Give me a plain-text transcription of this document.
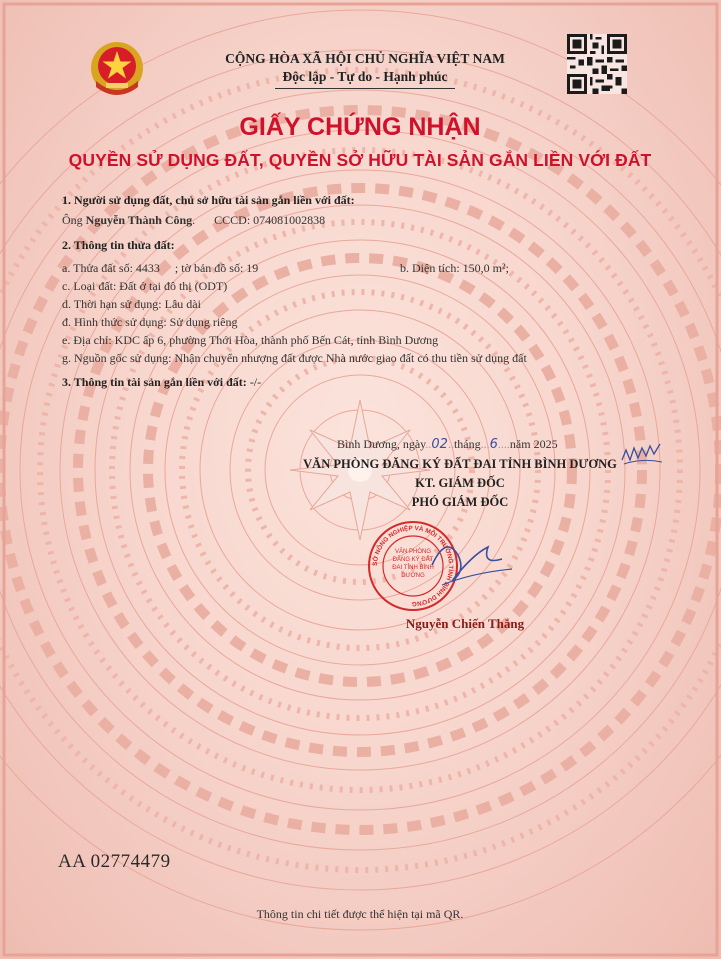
CỘNG HÒA XÃ HỘI CHỦ NGHĨA VIỆT NAM
Độc lập - Tự do - Hạnh phúc
GIẤY CHỨNG NHẬN
QUYỀN SỬ DỤNG ĐẤT, QUYỀN SỞ HỮU TÀI SẢN GẮN LIỀN VỚI ĐẤT
1. Người sử dụng đất, chủ sở hữu tài sản gắn liền với đất:
Ông Nguyễn Thành Công. CCCD: 074081002838
2. Thông tin thửa đất:
a. Thửa đất số: 4433     ; tờ bản đồ số: 19	b. Diện tích: 150,0 m²;
c. Loại đất: Đất ở tại đô thị (ODT)
d. Thời hạn sử dụng: Lâu dài
đ. Hình thức sử dụng: Sử dụng riêng
e. Địa chỉ: KDC ấp 6, phường Thới Hòa, thành phố Bến Cát, tỉnh Bình Dương
g. Nguồn gốc sử dụng: Nhận chuyển nhượng đất được Nhà nước giao đất có thu tiền sử dụng đất
3. Thông tin tài sản gắn liền với đất: -/-
Bình Dương, ngày..02..tháng...6....năm 2025
VĂN PHÒNG ĐĂNG KÝ ĐẤT ĐAI TỈNH BÌNH DƯƠNG
KT. GIÁM ĐỐC
PHÓ GIÁM ĐỐC
SỞ NÔNG NGHIỆP VÀ MÔI TRƯỜNG TỈNH BÌNH DƯƠNG
VĂN PHÒNG ĐĂNG KÝ ĐẤT ĐAI TỈNH BÌNH DƯƠNG
Nguyễn Chiến Thắng
AA 02774479
Thông tin chi tiết được thể hiện tại mã QR.
